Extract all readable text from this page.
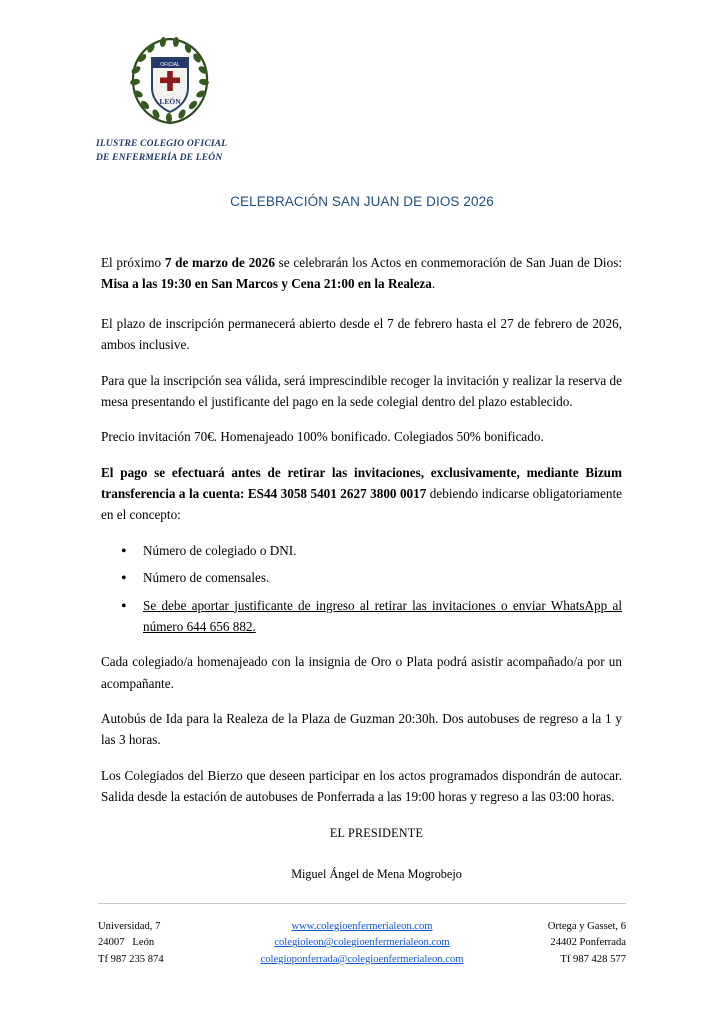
OFICIAL
LEÓN
ILUSTRE COLEGIO OFICIAL
DE ENFERMERÍA DE LEÓN
CELEBRACIÓN SAN JUAN DE DIOS 2026

El próximo 7 de marzo de 2026 se celebrarán los Actos en conmemoración de San Juan de Dios: Misa a las 19:30 en San Marcos y Cena 21:00 en la Realeza.

El plazo de inscripción permanecerá abierto desde el 7 de febrero hasta el 27 de febrero de 2026, ambos inclusive.

Para que la inscripción sea válida, será imprescindible recoger la invitación y realizar la reserva de mesa presentando el justificante del pago en la sede colegial dentro del plazo establecido.

Precio invitación 70€. Homenajeado 100% bonificado. Colegiados 50% bonificado.

El pago se efectuará antes de retirar las invitaciones, exclusivamente, mediante Bizum transferencia a la cuenta: ES44 3058 5401 2627 3800 0017 debiendo indicarse obligatoriamente en el concepto:

• Número de colegiado o DNI.
• Número de comensales.
• Se debe aportar justificante de ingreso al retirar las invitaciones o enviar WhatsApp al número 644 656 882.

Cada colegiado/a homenajeado con la insignia de Oro o Plata podrá asistir acompañado/a por un acompañante.

Autobús de Ida para la Realeza de la Plaza de Guzman 20:30h. Dos autobuses de regreso a la 1 y las 3 horas.

Los Colegiados del Bierzo que deseen participar en los actos programados dispondrán de autocar. Salida desde la estación de autobuses de Ponferrada a las 19:00 horas y regreso a las 03:00 horas.

EL PRESIDENTE
Miguel Ángel de Mena Mogrobejo
Universidad, 7
24007   León
Tf 987 235 874
www.colegioenfermerialeon.com
colegioleon@colegioenfermerialeon.com
colegioponferrada@colegioenfermerialeon.com
Ortega y Gasset, 6
24402 Ponferrada
Tf 987 428 577
